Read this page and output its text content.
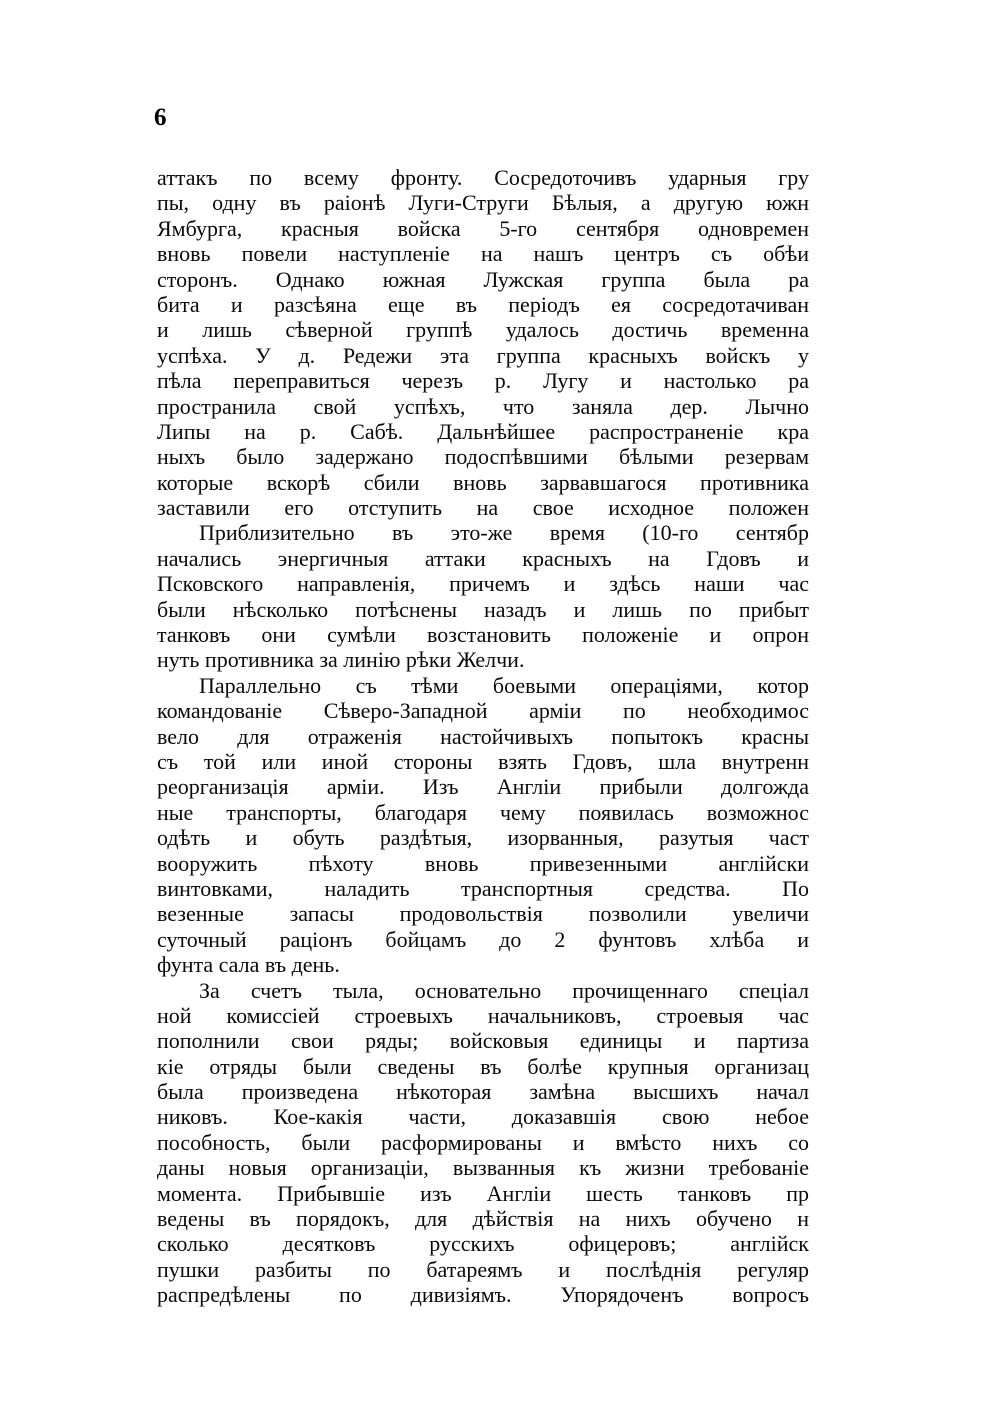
6
аттакъ по всему фронту. Сосредоточивъ ударныя гру
пы, одну въ раіонѣ Луги-Струги Бѣлыя, а другую южн
Ямбурга, красныя войска 5-го сентября одновремен
вновь повели наступленіе на нашъ центръ съ обѣи
сторонъ. Однако южная Лужская группа была ра
бита и разсѣяна еще въ періодъ ея сосредотачиван
и лишь сѣверной группѣ удалось достичь временна
успѣха. У д. Редежи эта группа красныхъ войскъ у
пѣла переправиться черезъ р. Лугу и настолько ра
пространила свой успѣхъ, что заняла дер. Лычно
Липы на р. Сабѣ. Дальнѣйшее распространеніе кра
ныхъ было задержано подоспѣвшими бѣлыми резервам
которые вскорѣ сбили вновь зарвавшагося противника
заставили его отступить на свое исходное положен
Приблизительно въ это-же время (10-го сентябр
начались энергичныя аттаки красныхъ на Гдовъ и
Псковского направленія, причемъ и здѣсь наши час
были нѣсколько потѣснены назадъ и лишь по прибыт
танковъ они сумѣли возстановить положеніе и опрон
нуть противника за линію рѣки Желчи.
Параллельно съ тѣми боевыми операціями, котор
командованіе Сѣверо-Западной арміи по необходимос
вело для отраженія настойчивыхъ попытокъ красны
съ той или иной стороны взять Гдовъ, шла внутренн
реорганизація арміи. Изъ Англіи прибыли долгожда
ные транспорты, благодаря чему появилась возможнос
одѣть и обуть раздѣтыя, изорванныя, разутыя част
вооружить пѣхоту вновь привезенными англійски
винтовками, наладить транспортныя средства. По
везенные запасы продовольствія позволили увеличи
суточный раціонъ бойцамъ до 2 фунтовъ хлѣба и
фунта сала въ день.
За счетъ тыла, основательно прочищеннаго спеціал
ной комиссіей строевыхъ начальниковъ, строевыя час
пополнили свои ряды; войсковыя единицы и партиза
кіе отряды были сведены въ болѣе крупныя организац
была произведена нѣкоторая замѣна высшихъ начал
никовъ. Кое-какія части, доказавшія свою небое
пособность, были расформированы и вмѣсто нихъ со
даны новыя организаціи, вызванныя къ жизни требованіе
момента. Прибывшіе изъ Англіи шесть танковъ пр
ведены въ порядокъ, для дѣйствія на нихъ обучено н
сколько десятковъ русскихъ офицеровъ; англійск
пушки разбиты по батареямъ и послѣднія регуляр
распредѣлены по дивизіямъ. Упорядоченъ вопросъ
